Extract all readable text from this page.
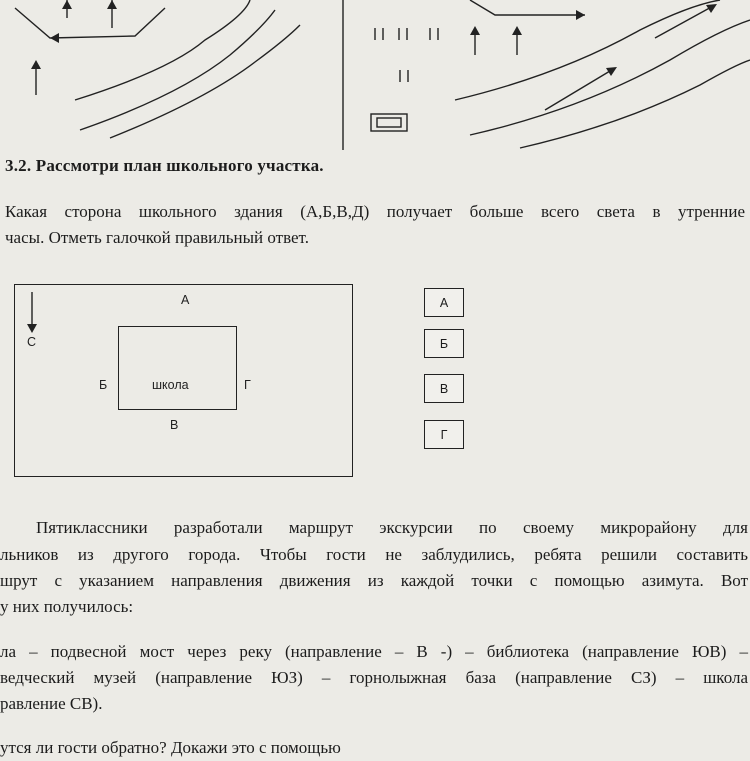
3.2. Рассмотри план школьного участка.
Какая сторона школьного здания (А,Б,В,Д) получает больше всего света в утренние
часы. Отметь галочкой правильный ответ.
С
А
школа
Б	Г
В
А
Б
В
Г
Пятиклассники разработали маршрут экскурсии по своему микрорайону для
льников из другого города. Чтобы гости не заблудились, ребята решили составить
шрут с указанием направления движения из каждой точки с помощью азимута. Вот
у них получилось:
ла – подвесной мост через реку (направление – В -) – библиотека (направление ЮВ) –
ведческий музей (направление ЮЗ) – горнолыжная база (направление СЗ) – школа
равление СВ).
утся ли гости обратно? Докажи это с помощью
